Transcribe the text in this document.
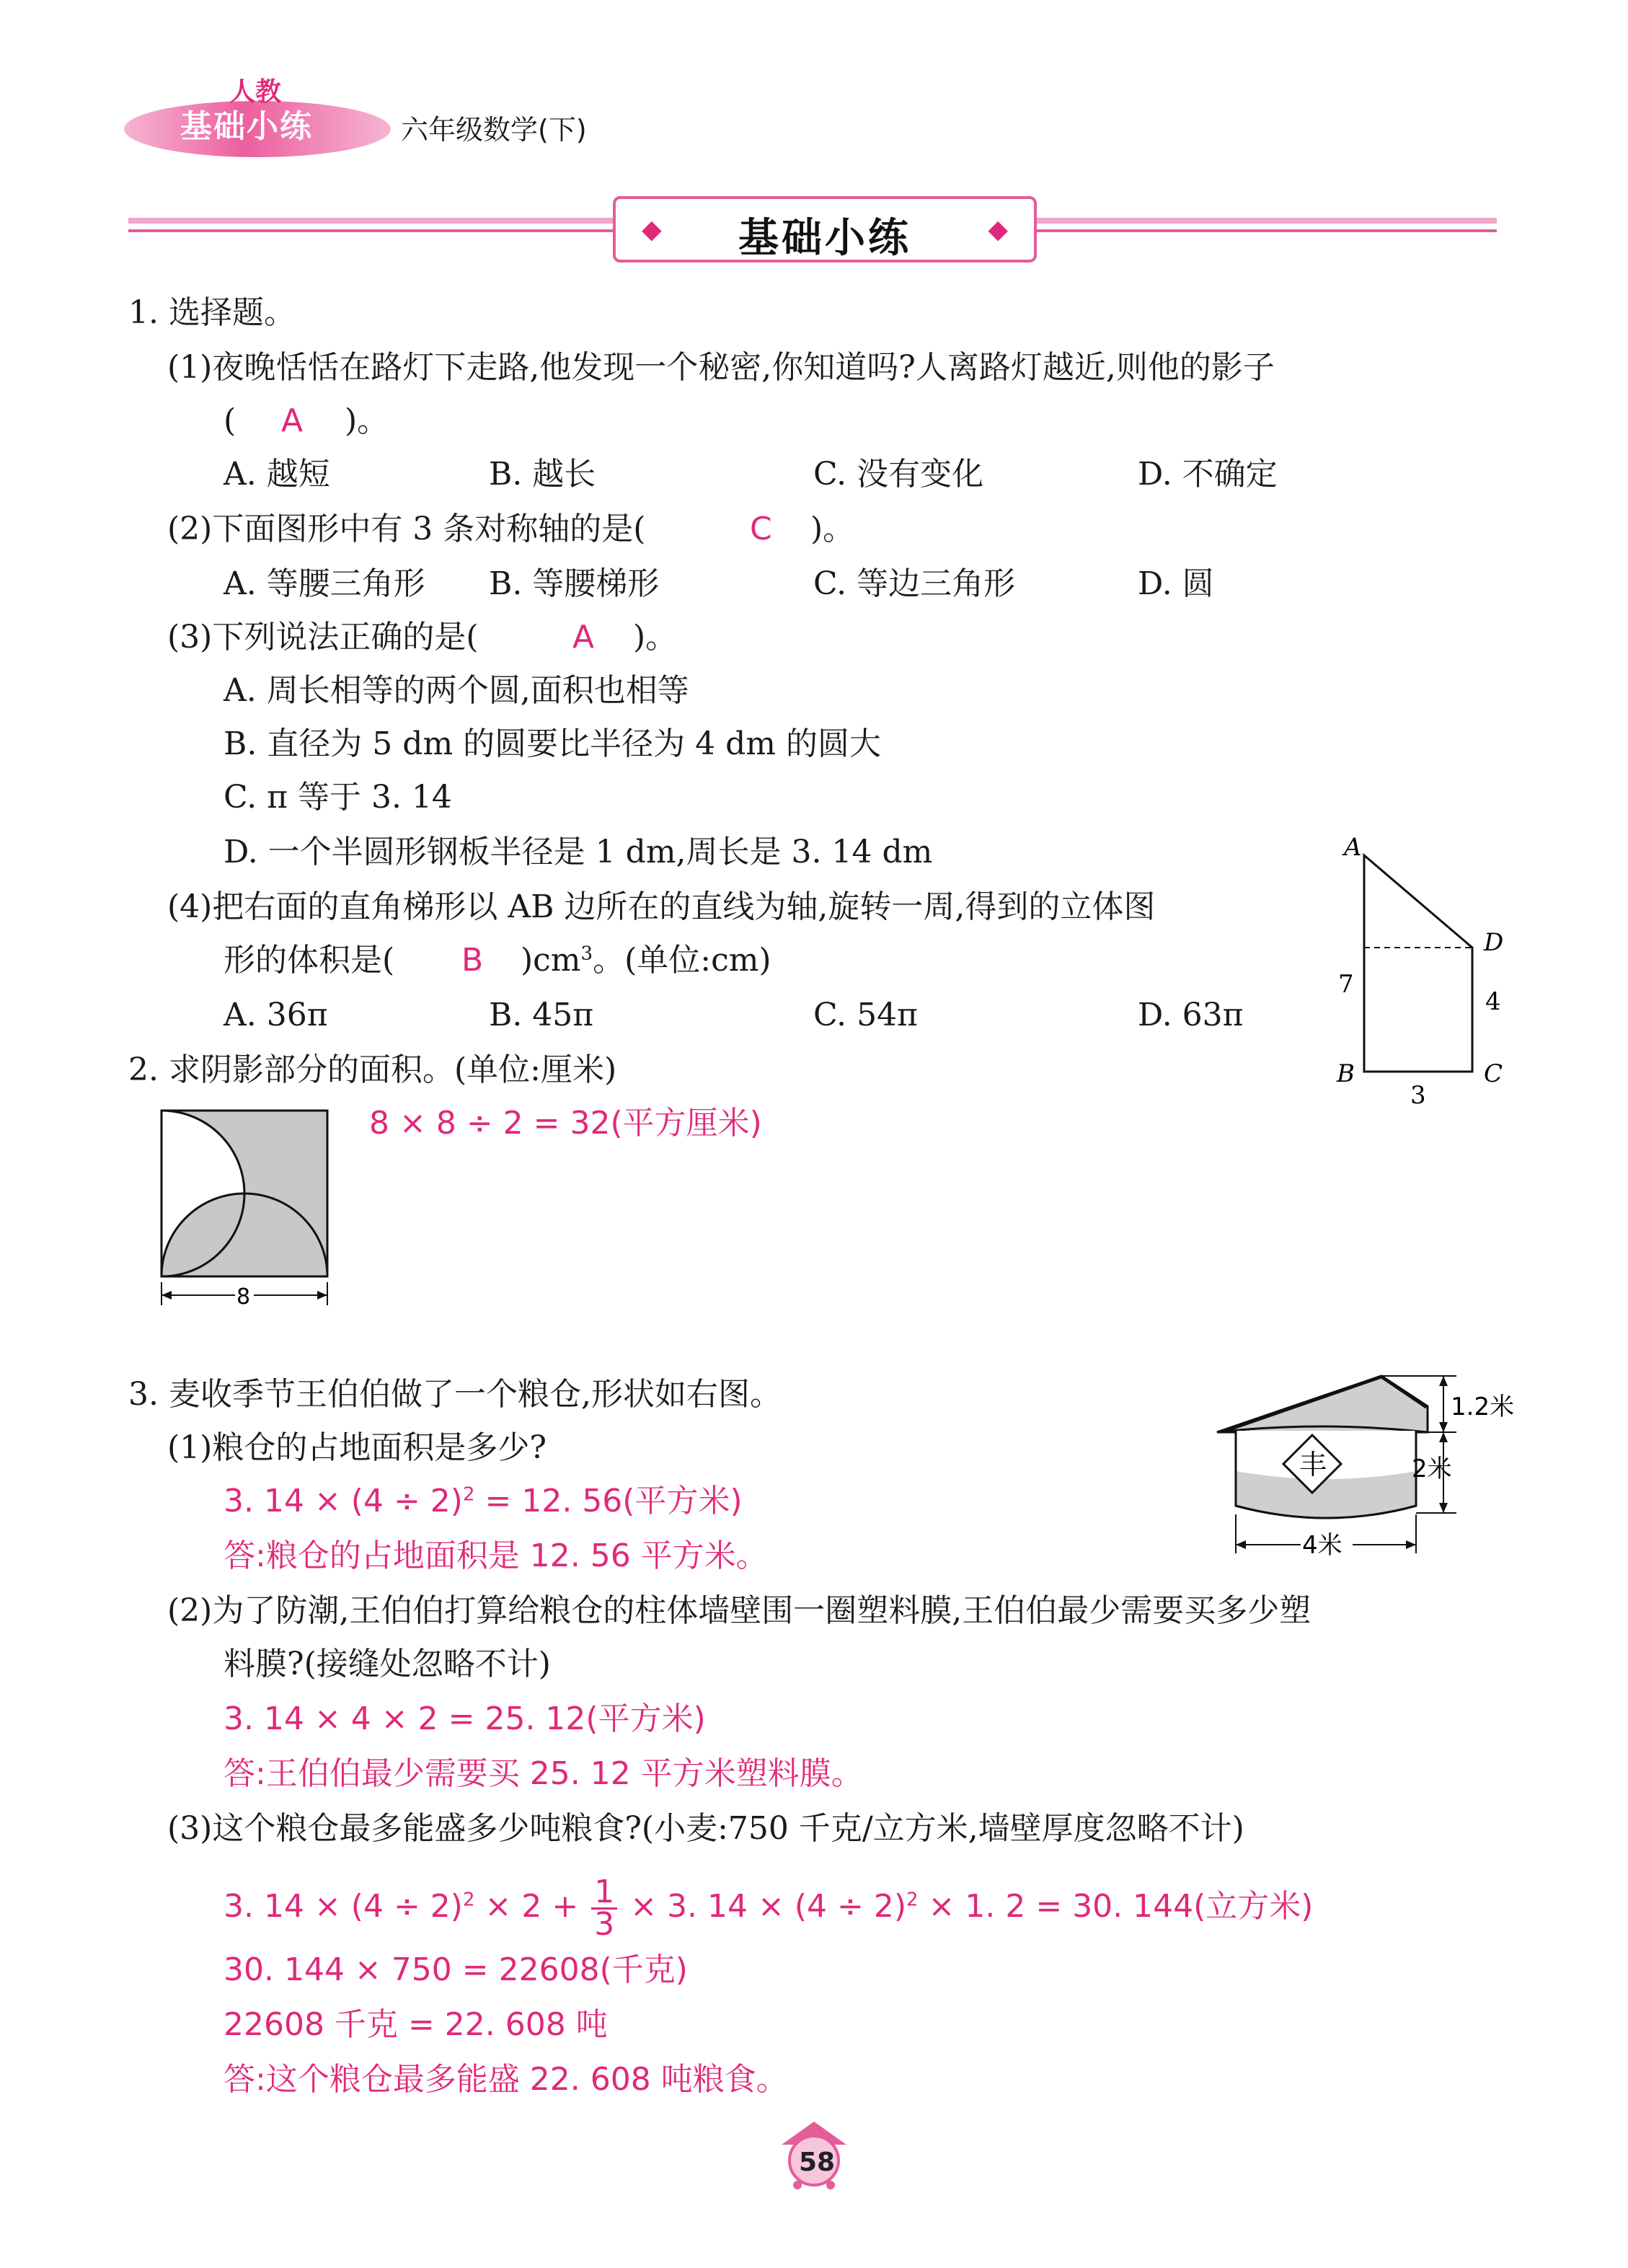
人教
基础小练	六年级数学(下)
◆	基础小练	◆
1. 选择题。
(1)夜晚恬恬在路灯下走路,他发现一个秘密,你知道吗?人离路灯越近,则他的影子
( A )。
A. 越短	B. 越长	C. 没有变化	D. 不确定
(2)下面图形中有 3 条对称轴的是(	C )。
A. 等腰三角形 B. 等腰梯形	C. 等边三角形	D. 圆
(3)下列说法正确的是(	A )。
A. 周长相等的两个圆,面积也相等
B. 直径为 5 dm 的圆要比半径为 4 dm 的圆大
C. π 等于 3. 14
D. 一个半圆形钢板半径是 1 dm,周长是 3. 14 dm
(4)把右面的直角梯形以 AB 边所在的直线为轴,旋转一周,得到的立体图
形的体积是( B )$cm^3$。(单位:cm)
A. 36π	B. 45π	C. 54π	D. 63π
A
B	C
D
7
4
3
2. 求阴影部分的面积。(单位:厘米)
8 × 8 ÷ 2 = 32(平方厘米)
8
3. 麦收季节王伯伯做了一个粮仓,形状如右图。
(1)粮仓的占地面积是多少?
3. $14 \times (4 \div 2)^2 = 12$. 56(平方米)
答:粮仓的占地面积是 12. 56 平方米。
(2)为了防潮,王伯伯打算给粮仓的柱体墙壁围一圈塑料膜,王伯伯最少需要买多少塑
料膜?(接缝处忽略不计)
3. 14 × 4 × 2 = 25. 12(平方米)
答:王伯伯最少需要买 25. 12 平方米塑料膜。
(3)这个粮仓最多能盛多少吨粮食?(小麦:750 千克/立方米,墙壁厚度忽略不计)
3. $14 \times (4 \div 2)^2 \times 2 + \frac{1}{3} \times 3$. $14 \times (4 \div 2)^2 \times 1$. 2 = 30. 144(立方米)
30. 144 × 750 = 22608(千克)
22608 千克 = 22. 608 吨
答:这个粮仓最多能盛 22. 608 吨粮食。
丰
1.2米
2米
4米
58
